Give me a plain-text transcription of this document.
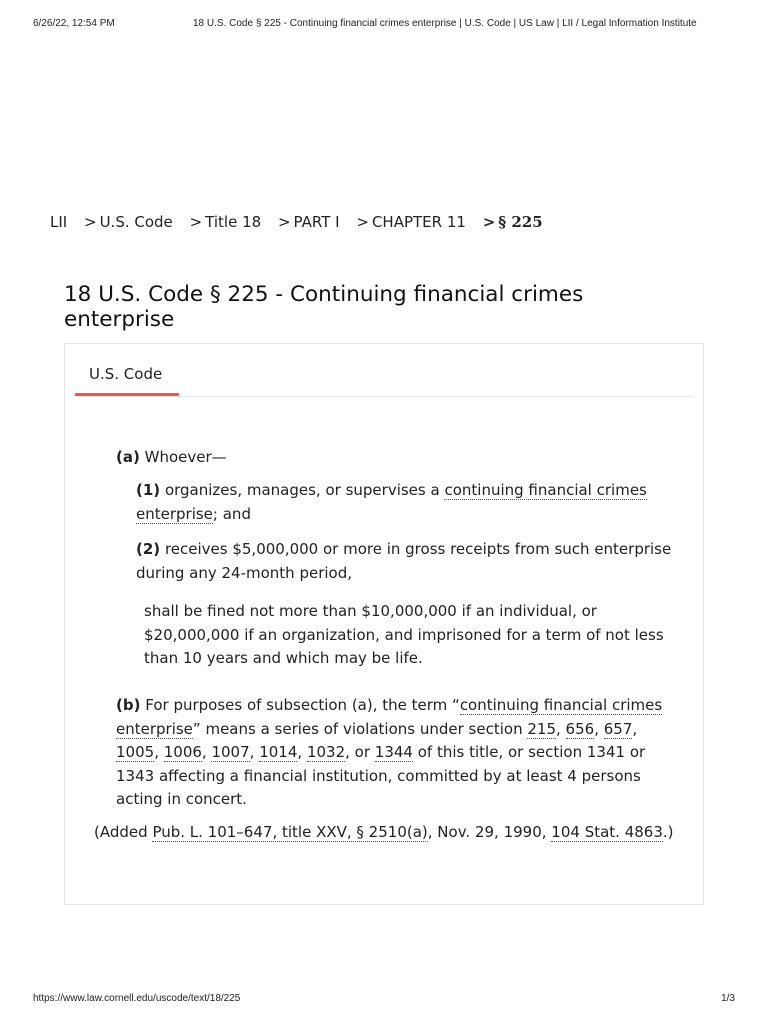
6/26/22, 12:54 PM	18 U.S. Code § 225 - Continuing financial crimes enterprise | U.S. Code | US Law | LII / Legal Information Institute
LII > U.S. Code > Title 18 > PART I > CHAPTER 11 > § 225
18 U.S. Code § 225 - Continuing financial crimes enterprise
U.S. Code

(a) Whoever—

(1) organizes, manages, or supervises a continuing financial crimes enterprise; and

(2) receives $5,000,000 or more in gross receipts from such enterprise during any 24-month period,

shall be fined not more than $10,000,000 if an individual, or $20,000,000 if an organization, and imprisoned for a term of not less than 10 years and which may be life.

(b) For purposes of subsection (a), the term “continuing financial crimes enterprise” means a series of violations under section 215, 656, 657, 1005, 1006, 1007, 1014, 1032, or 1344 of this title, or section 1341 or 1343 affecting a financial institution, committed by at least 4 persons acting in concert.

(Added Pub. L. 101–647, title XXV, § 2510(a), Nov. 29, 1990, 104 Stat. 4863.)

https://www.law.cornell.edu/uscode/text/18/225	1/3
